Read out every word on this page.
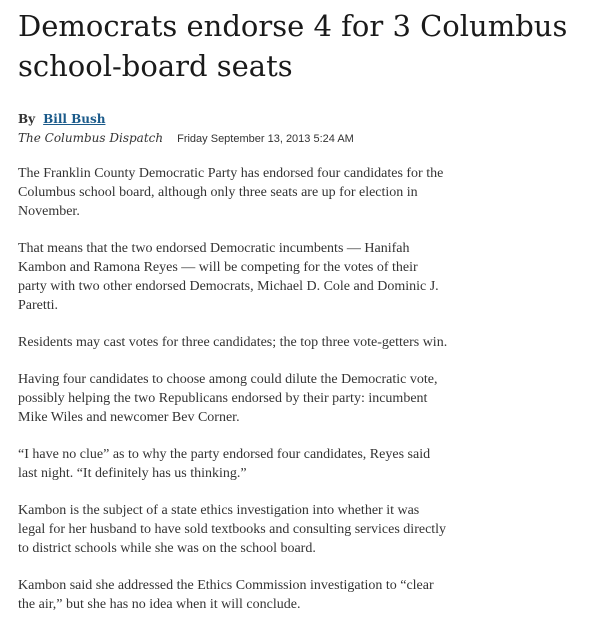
Democrats endorse 4 for 3 Columbus school-board seats
By Bill Bush
The Columbus Dispatch Friday September 13, 2013 5:24 AM

The Franklin County Democratic Party has endorsed four candidates for the Columbus school board, although only three seats are up for election in November.

That means that the two endorsed Democratic incumbents — Hanifah Kambon and Ramona Reyes — will be competing for the votes of their party with two other endorsed Democrats, Michael D. Cole and Dominic J. Paretti.

Residents may cast votes for three candidates; the top three vote-getters win.

Having four candidates to choose among could dilute the Democratic vote, possibly helping the two Republicans endorsed by their party: incumbent Mike Wiles and newcomer Bev Corner.

“I have no clue” as to why the party endorsed four candidates, Reyes said last night. “It definitely has us thinking.”

Kambon is the subject of a state ethics investigation into whether it was legal for her husband to have sold textbooks and consulting services directly to district schools while she was on the school board.

Kambon said she addressed the Ethics Commission investigation to “clear the air,” but she has no idea when it will conclude.
